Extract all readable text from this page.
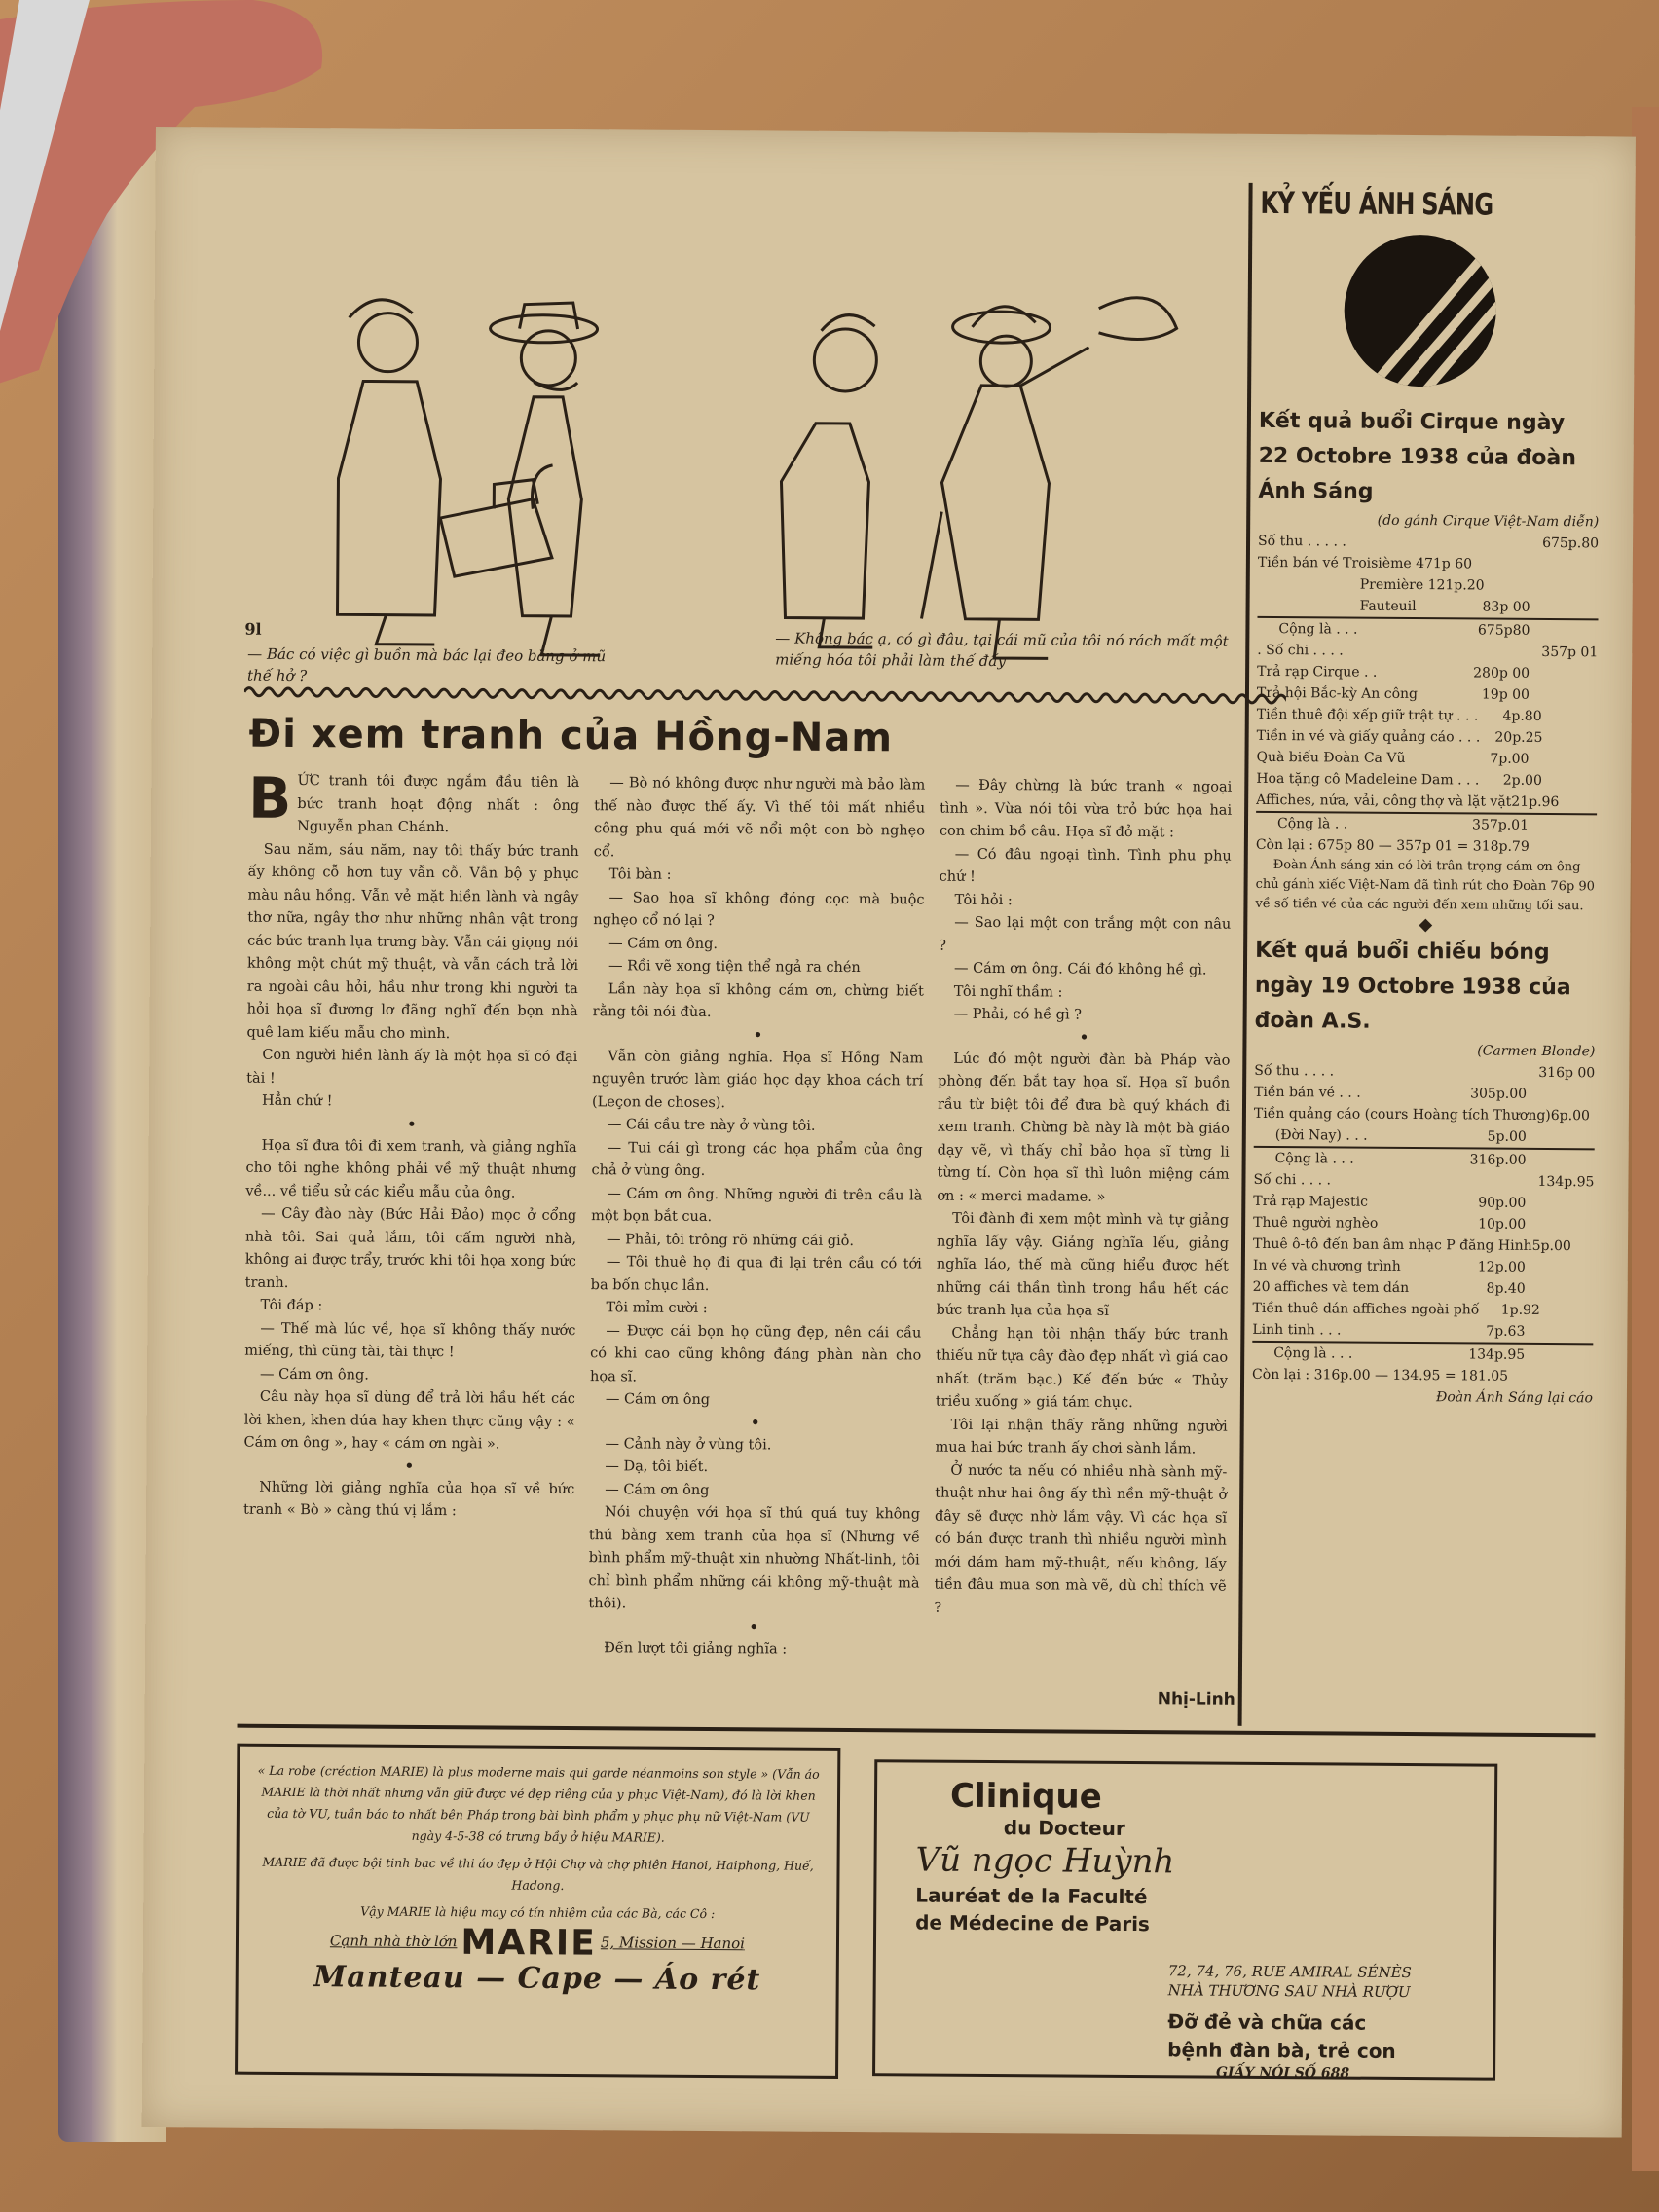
— Bác có việc gì buồn mà bác lại đeo băng ở mũ thế hở ?
9l
— Không bác ạ, có gì đâu, tại cái mũ của tôi nó rách mất một miếng hóa tôi phải làm thế đấy
Đi xem tranh của Hồng-Nam
B ỨC tranh tôi được ngắm đầu tiên là bức tranh hoạt động nhất : ông Nguyễn phan Chánh.

Sau năm, sáu năm, nay tôi thấy bức tranh ấy không cỗ hơn tuy vẫn cỗ. Vẫn bộ y phục màu nâu hồng. Vẫn vẻ mặt hiền lành và ngây thơ nữa, ngây thơ như những nhân vật trong các bức tranh lụa trưng bày. Vẫn cái giọng nói không một chút mỹ thuật, và vẫn cách trả lời ra ngoài câu hỏi, hầu như trong khi người ta hỏi họa sĩ đương lơ đãng nghĩ đến bọn nhà quê lam kiếu mẫu cho mình.

Con người hiền lành ấy là một họa sĩ có đại tài !

Hẳn chứ !

•

Họa sĩ đưa tôi đi xem tranh, và giảng nghĩa cho tôi nghe không phải về mỹ thuật nhưng về... về tiểu sử các kiểu mẫu của ông.

— Cây đào này (Bức Hải Đảo) mọc ở cổng nhà tôi. Sai quả lắm, tôi cấm người nhà, không ai được trẩy, trước khi tôi họa xong bức tranh.

Tôi đáp :

— Thế mà lúc về, họa sĩ không thấy nước miếng, thì cũng tài, tài thực !

— Cám ơn ông.

Câu này họa sĩ dùng để trả lời hầu hết các lời khen, khen dúa hay khen thực cũng vậy : « Cám ơn ông », hay « cám ơn ngài ».

•

Những lời giảng nghĩa của họa sĩ về bức tranh « Bò » càng thú vị lắm :

— Bò nó không được như người mà bảo làm thế nào được thế ấy. Vì thế tôi mất nhiều công phu quá mới vẽ nổi một con bò nghẹo cổ.

Tôi bàn :

— Sao họa sĩ không đóng cọc mà buộc nghẹo cổ nó lại ?

— Cám ơn ông.

— Rồi vẽ xong tiện thể ngả ra chén

Lần này họa sĩ không cám ơn, chừng biết rằng tôi nói đùa.

•

Vẫn còn giảng nghĩa. Họa sĩ Hồng Nam nguyên trước làm giáo học dạy khoa cách trí (Leçon de choses).

— Cái cầu tre này ở vùng tôi.

— Tui cái gì trong các họa phẩm của ông chả ở vùng ông.

— Cám ơn ông. Những người đi trên cầu là một bọn bắt cua.

— Phải, tôi trông rõ những cái giỏ.

— Tôi thuê họ đi qua đi lại trên cầu có tới ba bốn chục lần.

Tôi mỉm cười :

— Được cái bọn họ cũng đẹp, nên cái cầu có khi cao cũng không đáng phàn nàn cho họa sĩ.

— Cám ơn ông

•

— Cảnh này ở vùng tôi.

— Dạ, tôi biết.

— Cám ơn ông

Nói chuyện với họa sĩ thú quá tuy không thú bằng xem tranh của họa sĩ (Nhưng về bình phẩm mỹ-thuật xin nhường Nhất-linh, tôi chỉ bình phẩm những cái không mỹ-thuật mà thôi).

•

Đến lượt tôi giảng nghĩa :

— Đây chừng là bức tranh « ngoại tình ». Vừa nói tôi vừa trỏ bức họa hai con chim bồ câu. Họa sĩ đỏ mặt :

— Có đâu ngoại tình. Tình phu phụ chứ !

Tôi hỏi :

— Sao lại một con trắng một con nâu ?

— Cám ơn ông. Cái đó không hề gì.

Tôi nghĩ thầm :

— Phải, có hề gì ?

•

Lúc đó một người đàn bà Pháp vào phòng đến bắt tay họa sĩ. Họa sĩ buồn rầu từ biệt tôi để đưa bà quý khách đi xem tranh. Chừng bà này là một bà giáo dạy vẽ, vì thấy chỉ bảo họa sĩ từng li từng tí. Còn họa sĩ thì luôn miệng cám ơn : « merci madame. »

Tôi đành đi xem một mình và tự giảng nghĩa lấy vậy. Giảng nghĩa lếu, giảng nghĩa láo, thế mà cũng hiểu được hết những cái thần tình trong hầu hết các bức tranh lụa của họa sĩ

Chẳng hạn tôi nhận thấy bức tranh thiếu nữ tựa cây đào đẹp nhất vì giá cao nhất (trăm bạc.) Kế đến bức « Thủy triều xuống » giá tám chục.

Tôi lại nhận thấy rằng những người mua hai bức tranh ấy chơi sành lắm.

Ở nước ta nếu có nhiều nhà sành mỹ-thuật như hai ông ấy thì nền mỹ-thuật ở đây sẽ được nhờ lắm vậy. Vì các họa sĩ có bán được tranh thì nhiều người mình mới dám ham mỹ-thuật, nếu không, lấy tiền đâu mua sơn mà vẽ, dù chỉ thích vẽ ?

Nhị-Linh
KỶ YẾU ÁNH SÁNG
Kết quả buổi Cirque ngày 22 Octobre 1938 của đoàn Ánh Sáng
(do gánh Cirque Việt-Nam diễn)
Số thu . . . . .	675p.80
Tiền bán vé Troisième 471p 60
Première 121p.20
Fauteuil	83p 00
Cộng là . . .	675p80
. Số chi . . . .	357p 01
Trả rạp Cirque . .	280p 00
Trả hội Bắc-kỳ An công	19p 00
Tiền thuê đội xếp giữ trật tự . . .	4p.80
Tiền in vé và giấy quảng cáo . . .	20p.25
Quà biếu Đoàn Ca Vũ	7p.00
Hoa tặng cô Madeleine Dam . . .	2p.00
Affiches, nứa, vải, công thợ và lặt vặt 21p.96
Cộng là . .	357p.01
Còn lại : 675p 80 — 357p 01 = 318p.79
Đoàn Ánh sáng xin có lời trân trọng cám ơn ông chủ gánh xiếc Việt-Nam đã tình rút cho Đoàn 76p 90 về số tiền vé của các người đến xem những tối sau.
◆
Kết quả buổi chiếu bóng ngày 19 Octobre 1938 của đoàn A.S.
(Carmen Blonde)
Số thu . . . .	316p 00
Tiền bán vé . . .	305p.00
Tiền quảng cáo (cours Hoàng tích Thương) 6p.00
(Đời Nay) . . .	5p.00
Cộng là . . .	316p.00
Số chi . . . .	134p.95
Trả rạp Majestic	90p.00
Thuê người nghèo	10p.00
Thuê ô-tô đến ban âm nhạc P đăng Hinh 5p.00
In vé và chương trình	12p.00
20 affiches và tem dán	8p.40
Tiền thuê dán affiches ngoài phố	1p.92
Linh tinh . . .	7p.63
Cộng là . . .	134p.95
Còn lại : 316p.00 — 134.95 = 181.05
Đoàn Ánh Sáng lại cáo
« La robe (création MARIE) là plus moderne mais qui garde néanmoins son style » (Vẫn áo MARIE là thời nhất nhưng vẫn giữ được vẻ đẹp riêng của y phục Việt-Nam), đó là lời khen của tờ VU, tuần báo to nhất bên Pháp trong bài bình phẩm y phục phụ nữ Việt-Nam (VU ngày 4-5-38 có trưng bầy ở hiệu MARIE).
MARIE đã được bội tinh bạc về thi áo đẹp ở Hội Chợ và chợ phiên Hanoi, Haiphong, Huế, Hadong.
Vậy MARIE là hiệu may có tín nhiệm của các Bà, các Cô :
Cạnh nhà thờ lớn MARIE 5, Mission — Hanoi
Manteau — Cape — Áo rét
Clinique
du Docteur
Vũ ngọc Huỳnh
Lauréat de la Faculté
de Médecine de Paris
72, 74, 76, RUE AMIRAL SÉNÈS
NHÀ THƯƠNG SAU NHÀ RƯỢU
Đỡ đẻ và chữa các
bệnh đàn bà, trẻ con
GIẤY NÓI SỐ 688
